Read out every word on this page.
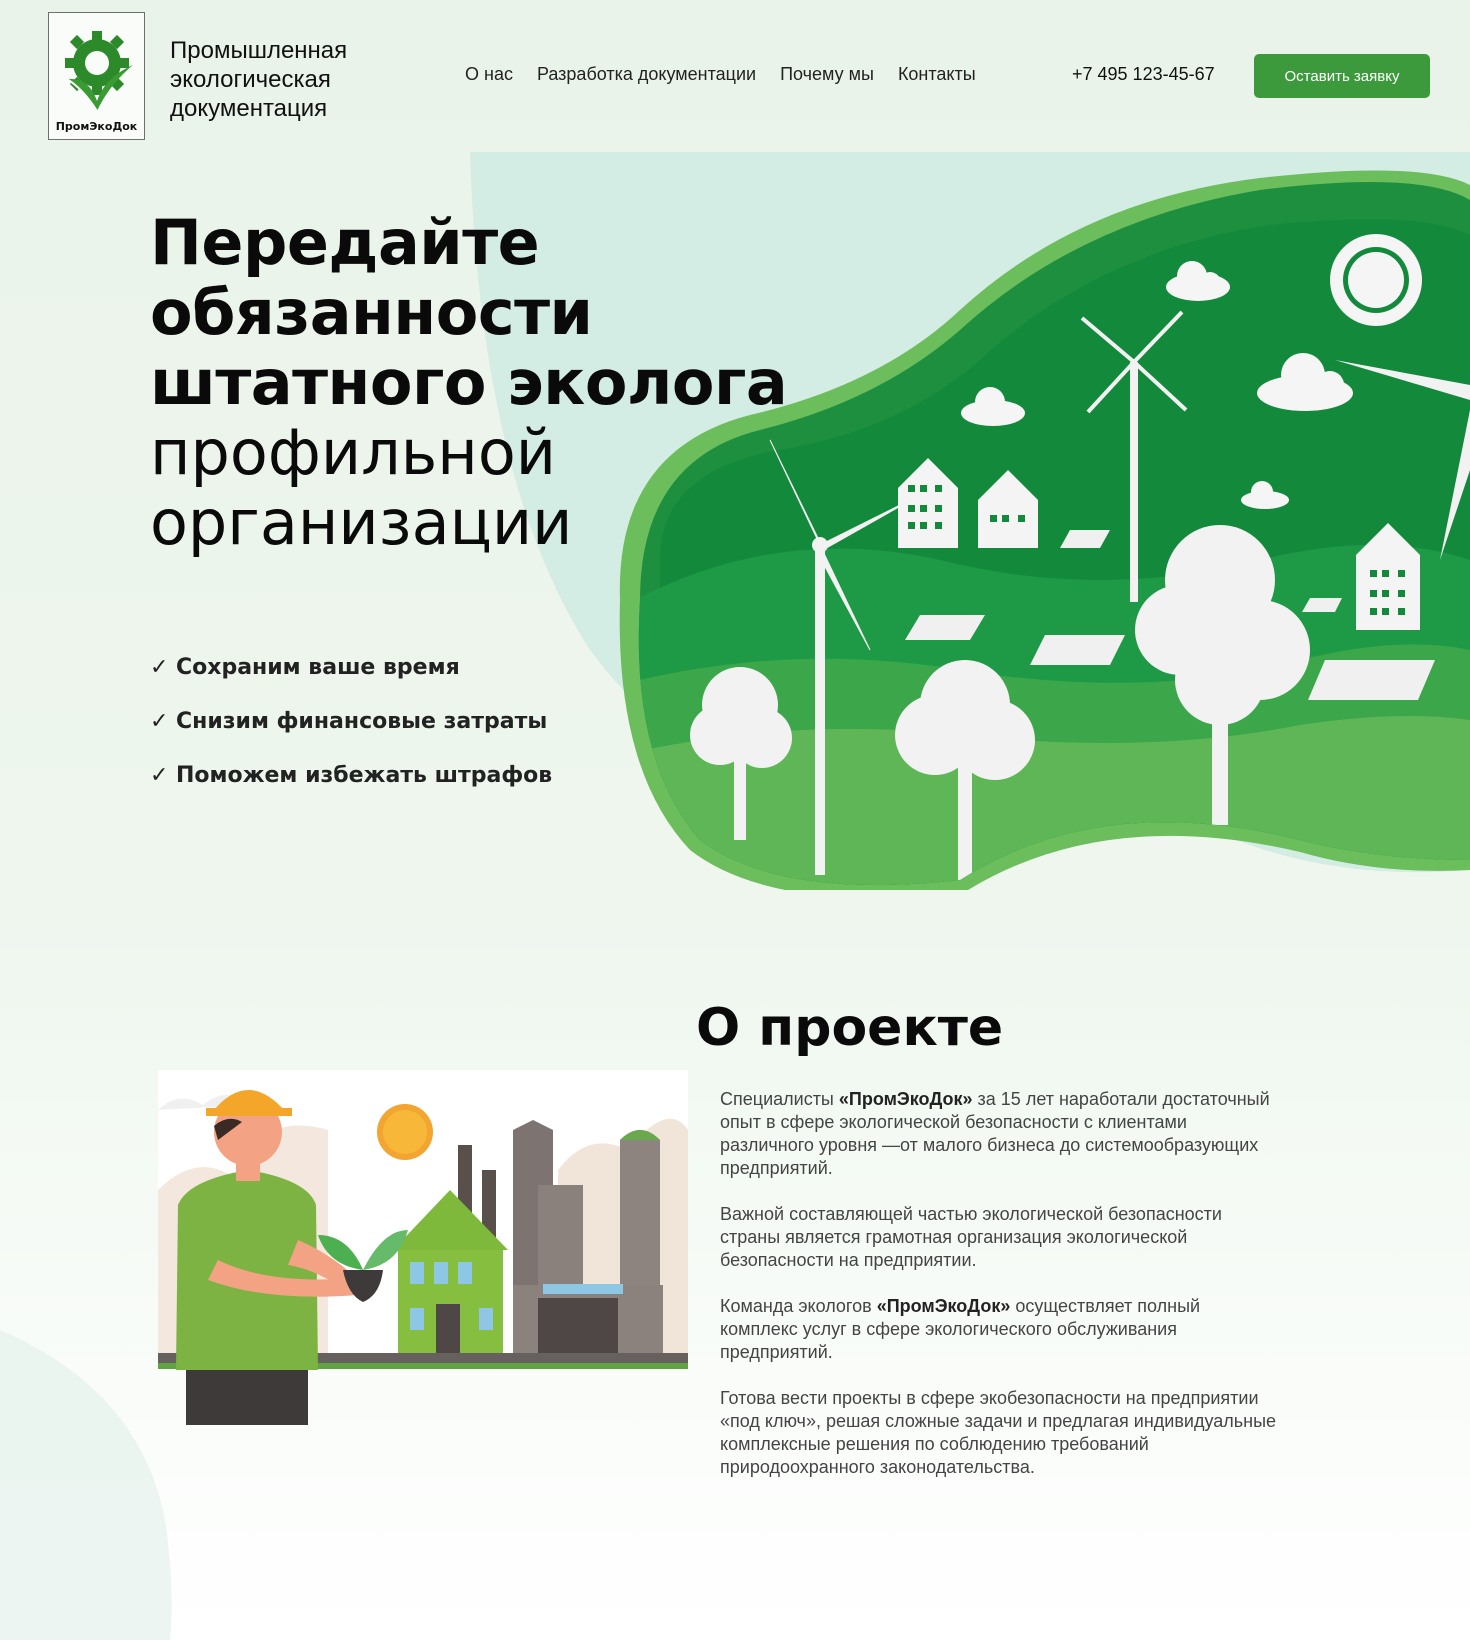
ПромЭкоДок
Промышленная экологическая документация
О нас Разработка документации Почему мы Контакты	+7 495 123-45-67	Оставить заявку
Передайте
обязанности
штатного эколога
профильной
организации
✓ Сохраним ваше время
✓ Снизим финансовые затраты
✓ Поможем избежать штрафов
О проекте

Специалисты «ПромЭкоДок» за 15 лет наработали достаточный опыт в сфере экологической безопасности с клиентами различного уровня —от малого бизнеса до системообразующих предприятий.

Важной составляющей частью экологической безопасности страны является грамотная организация экологической безопасности на предприятии.

Команда экологов «ПромЭкоДок» осуществляет полный комплекс услуг в сфере экологического обслуживания предприятий.

Готова вести проекты в сфере экобезопасности на предприятии «под ключ», решая сложные задачи и предлагая индивидуальные комплексные решения по соблюдению требований природоохранного законодательства.
